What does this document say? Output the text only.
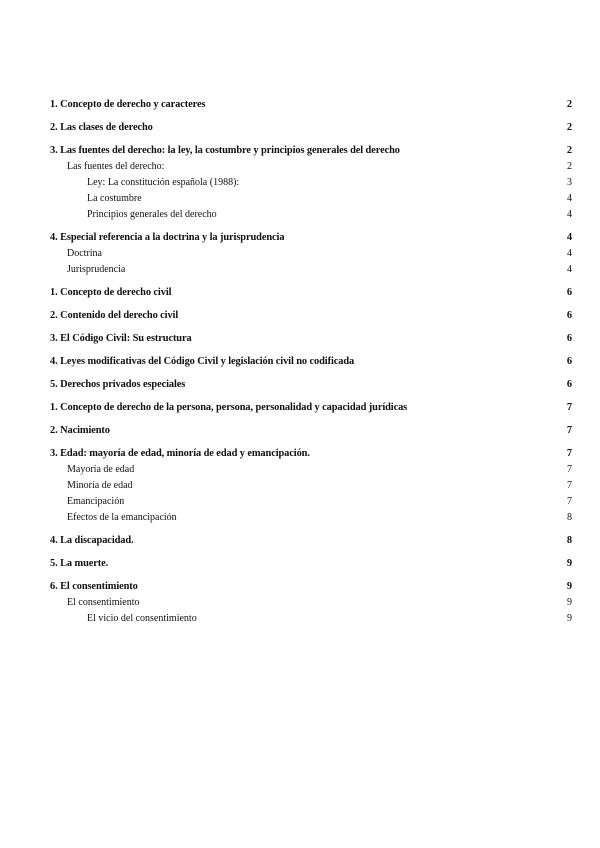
1. Concepto de derecho y caracteres	2
2. Las clases de derecho	2
3. Las fuentes del derecho: la ley, la costumbre y principios generales del derecho	2
Las fuentes del derecho:	2
Ley: La constitución española (1988):	3
La costumbre	4
Principios generales del derecho	4
4. Especial referencia a la doctrina y la jurisprudencia	4
Doctrina	4
Jurisprudencia	4
1. Concepto de derecho civil	6
2. Contenido del derecho civil	6
3. El Código Civil: Su estructura	6
4. Leyes modificativas del Código Civil y legislación civil no codificada	6
5. Derechos privados especiales	6
1. Concepto de derecho de la persona, persona, personalidad y capacidad jurídicas	7
2. Nacimiento	7
3. Edad: mayoría de edad, minoría de edad y emancipación.	7
Mayoría de edad	7
Minoría de edad	7
Emancipación	7
Efectos de la emancipación	8
4. La discapacidad.	8
5. La muerte.	9
6. El consentimiento	9
El consentimiento	9
El vicio del consentimiento	9
